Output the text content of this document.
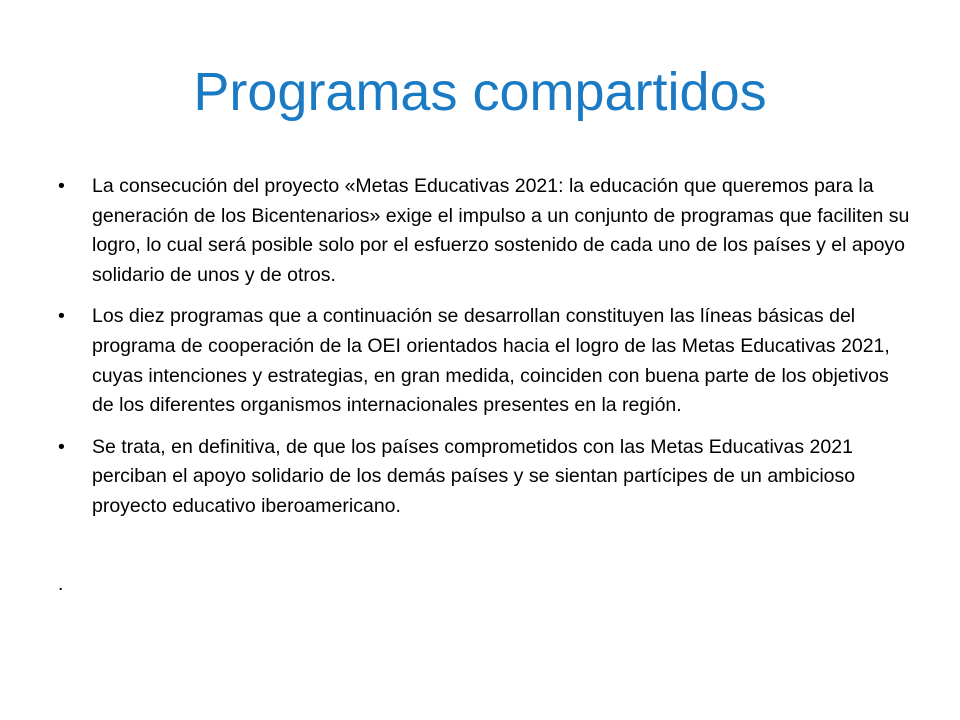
Programas compartidos
•	La consecución del proyecto «Metas Educativas 2021: la educación que queremos para la generación de los Bicentenarios» exige el impulso a un conjunto de programas que faciliten su logro, lo cual será posible solo por el esfuerzo sostenido de cada uno de los países y el apoyo solidario de unos y de otros.
•	Los diez programas que a continuación se desarrollan constituyen las líneas básicas del programa de cooperación de la OEI orientados hacia el logro de las Metas Educativas 2021, cuyas intenciones y estrategias, en gran medida, coinciden con buena parte de los objetivos de los diferentes organismos internacionales presentes en la región.
•	Se trata, en definitiva, de que los países comprometidos con las Metas Educativas 2021 perciban el apoyo solidario de los demás países y se sientan partícipes de un ambicioso proyecto educativo iberoamericano.
.
